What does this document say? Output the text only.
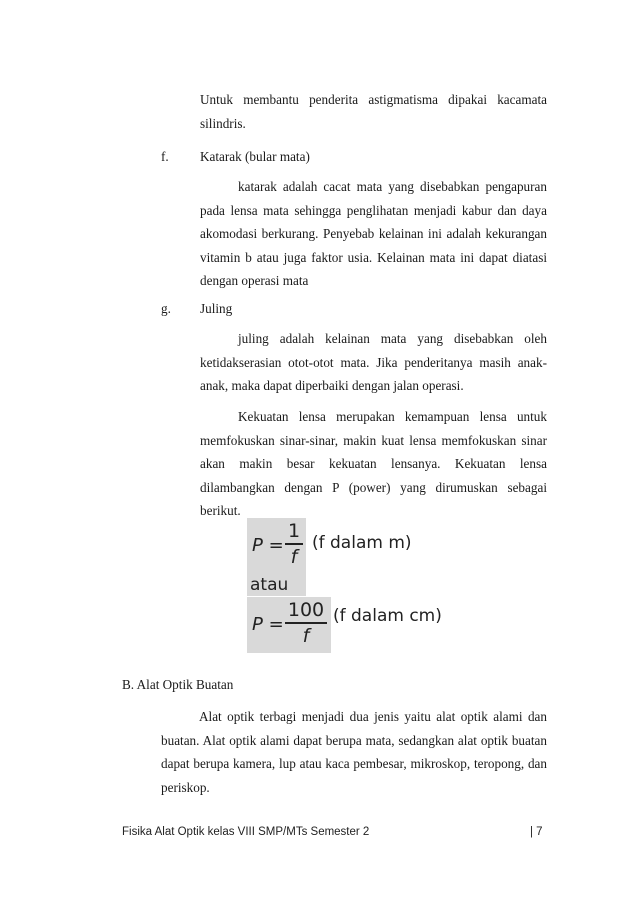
Untuk membantu penderita astigmatisma dipakai kacamata silindris.

f. Katarak (bular mata)

katarak adalah cacat mata yang disebabkan pengapuran pada lensa mata sehingga penglihatan menjadi kabur dan daya akomodasi berkurang. Penyebab kelainan ini adalah kekurangan vitamin b atau juga faktor usia. Kelainan mata ini dapat diatasi dengan operasi mata

g. Juling

juling adalah kelainan mata yang disebabkan oleh ketidakserasian otot-otot mata. Jika penderitanya masih anak-anak, maka dapat diperbaiki dengan jalan operasi.

Kekuatan lensa merupakan kemampuan lensa untuk memfokuskan sinar-sinar, makin kuat lensa memfokuskan sinar akan makin besar kekuatan lensanya. Kekuatan lensa dilambangkan dengan P (power) yang dirumuskan sebagai berikut.

P =
1
f
(f dalam m)
atau
P =
100
f
(f dalam cm)
B. Alat Optik Buatan

Alat optik terbagi menjadi dua jenis yaitu alat optik alami dan buatan. Alat optik alami dapat berupa mata, sedangkan alat optik buatan dapat berupa kamera, lup atau kaca pembesar, mikroskop, teropong, dan periskop.

Fisika Alat Optik kelas VIII SMP/MTs Semester 2	| 7
